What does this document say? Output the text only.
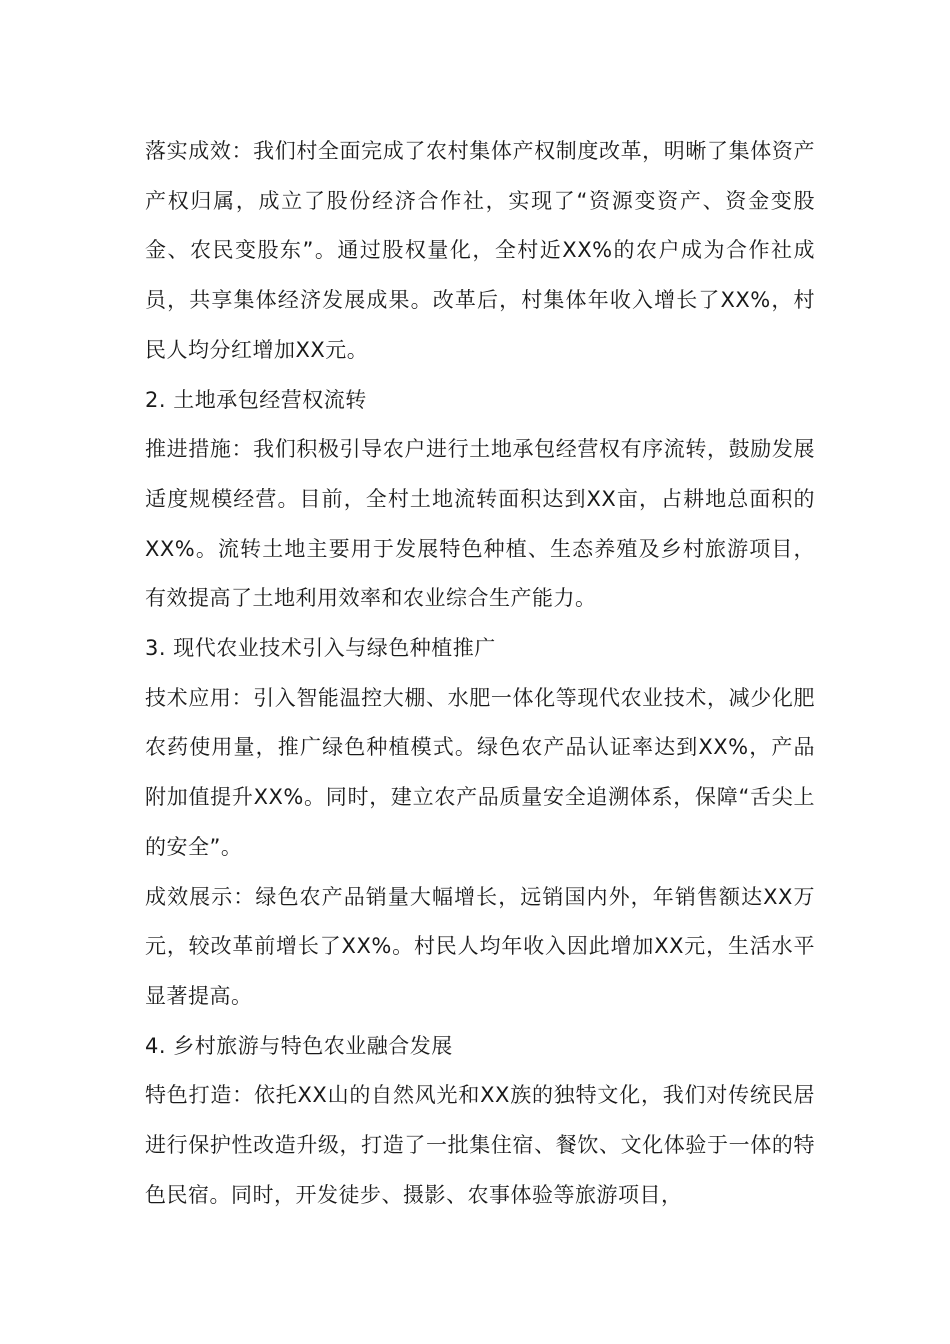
落实成效：我们村全面完成了农村集体产权制度改革，明晰了集体资产产权归属，成立了股份经济合作社，实现了“资源变资产、资金变股金、农民变股东”。通过股权量化，全村近XX%的农户成为合作社成员，共享集体经济发展成果。改革后，村集体年收入增长了XX%，村民人均分红增加XX元。

2. 土地承包经营权流转

推进措施：我们积极引导农户进行土地承包经营权有序流转，鼓励发展适度规模经营。目前，全村土地流转面积达到XX亩，占耕地总面积的XX%。流转土地主要用于发展特色种植、生态养殖及乡村旅游项目，有效提高了土地利用效率和农业综合生产能力。

3. 现代农业技术引入与绿色种植推广

技术应用：引入智能温控大棚、水肥一体化等现代农业技术，减少化肥农药使用量，推广绿色种植模式。绿色农产品认证率达到XX%，产品附加值提升XX%。同时，建立农产品质量安全追溯体系，保障“舌尖上的安全”。

成效展示：绿色农产品销量大幅增长，远销国内外，年销售额达XX万元，较改革前增长了XX%。村民人均年收入因此增加XX元，生活水平显著提高。

4. 乡村旅游与特色农业融合发展

特色打造：依托XX山的自然风光和XX族的独特文化，我们对传统民居进行保护性改造升级，打造了一批集住宿、餐饮、文化体验于一体的特色民宿。同时，开发徒步、摄影、农事体验等旅游项目，
